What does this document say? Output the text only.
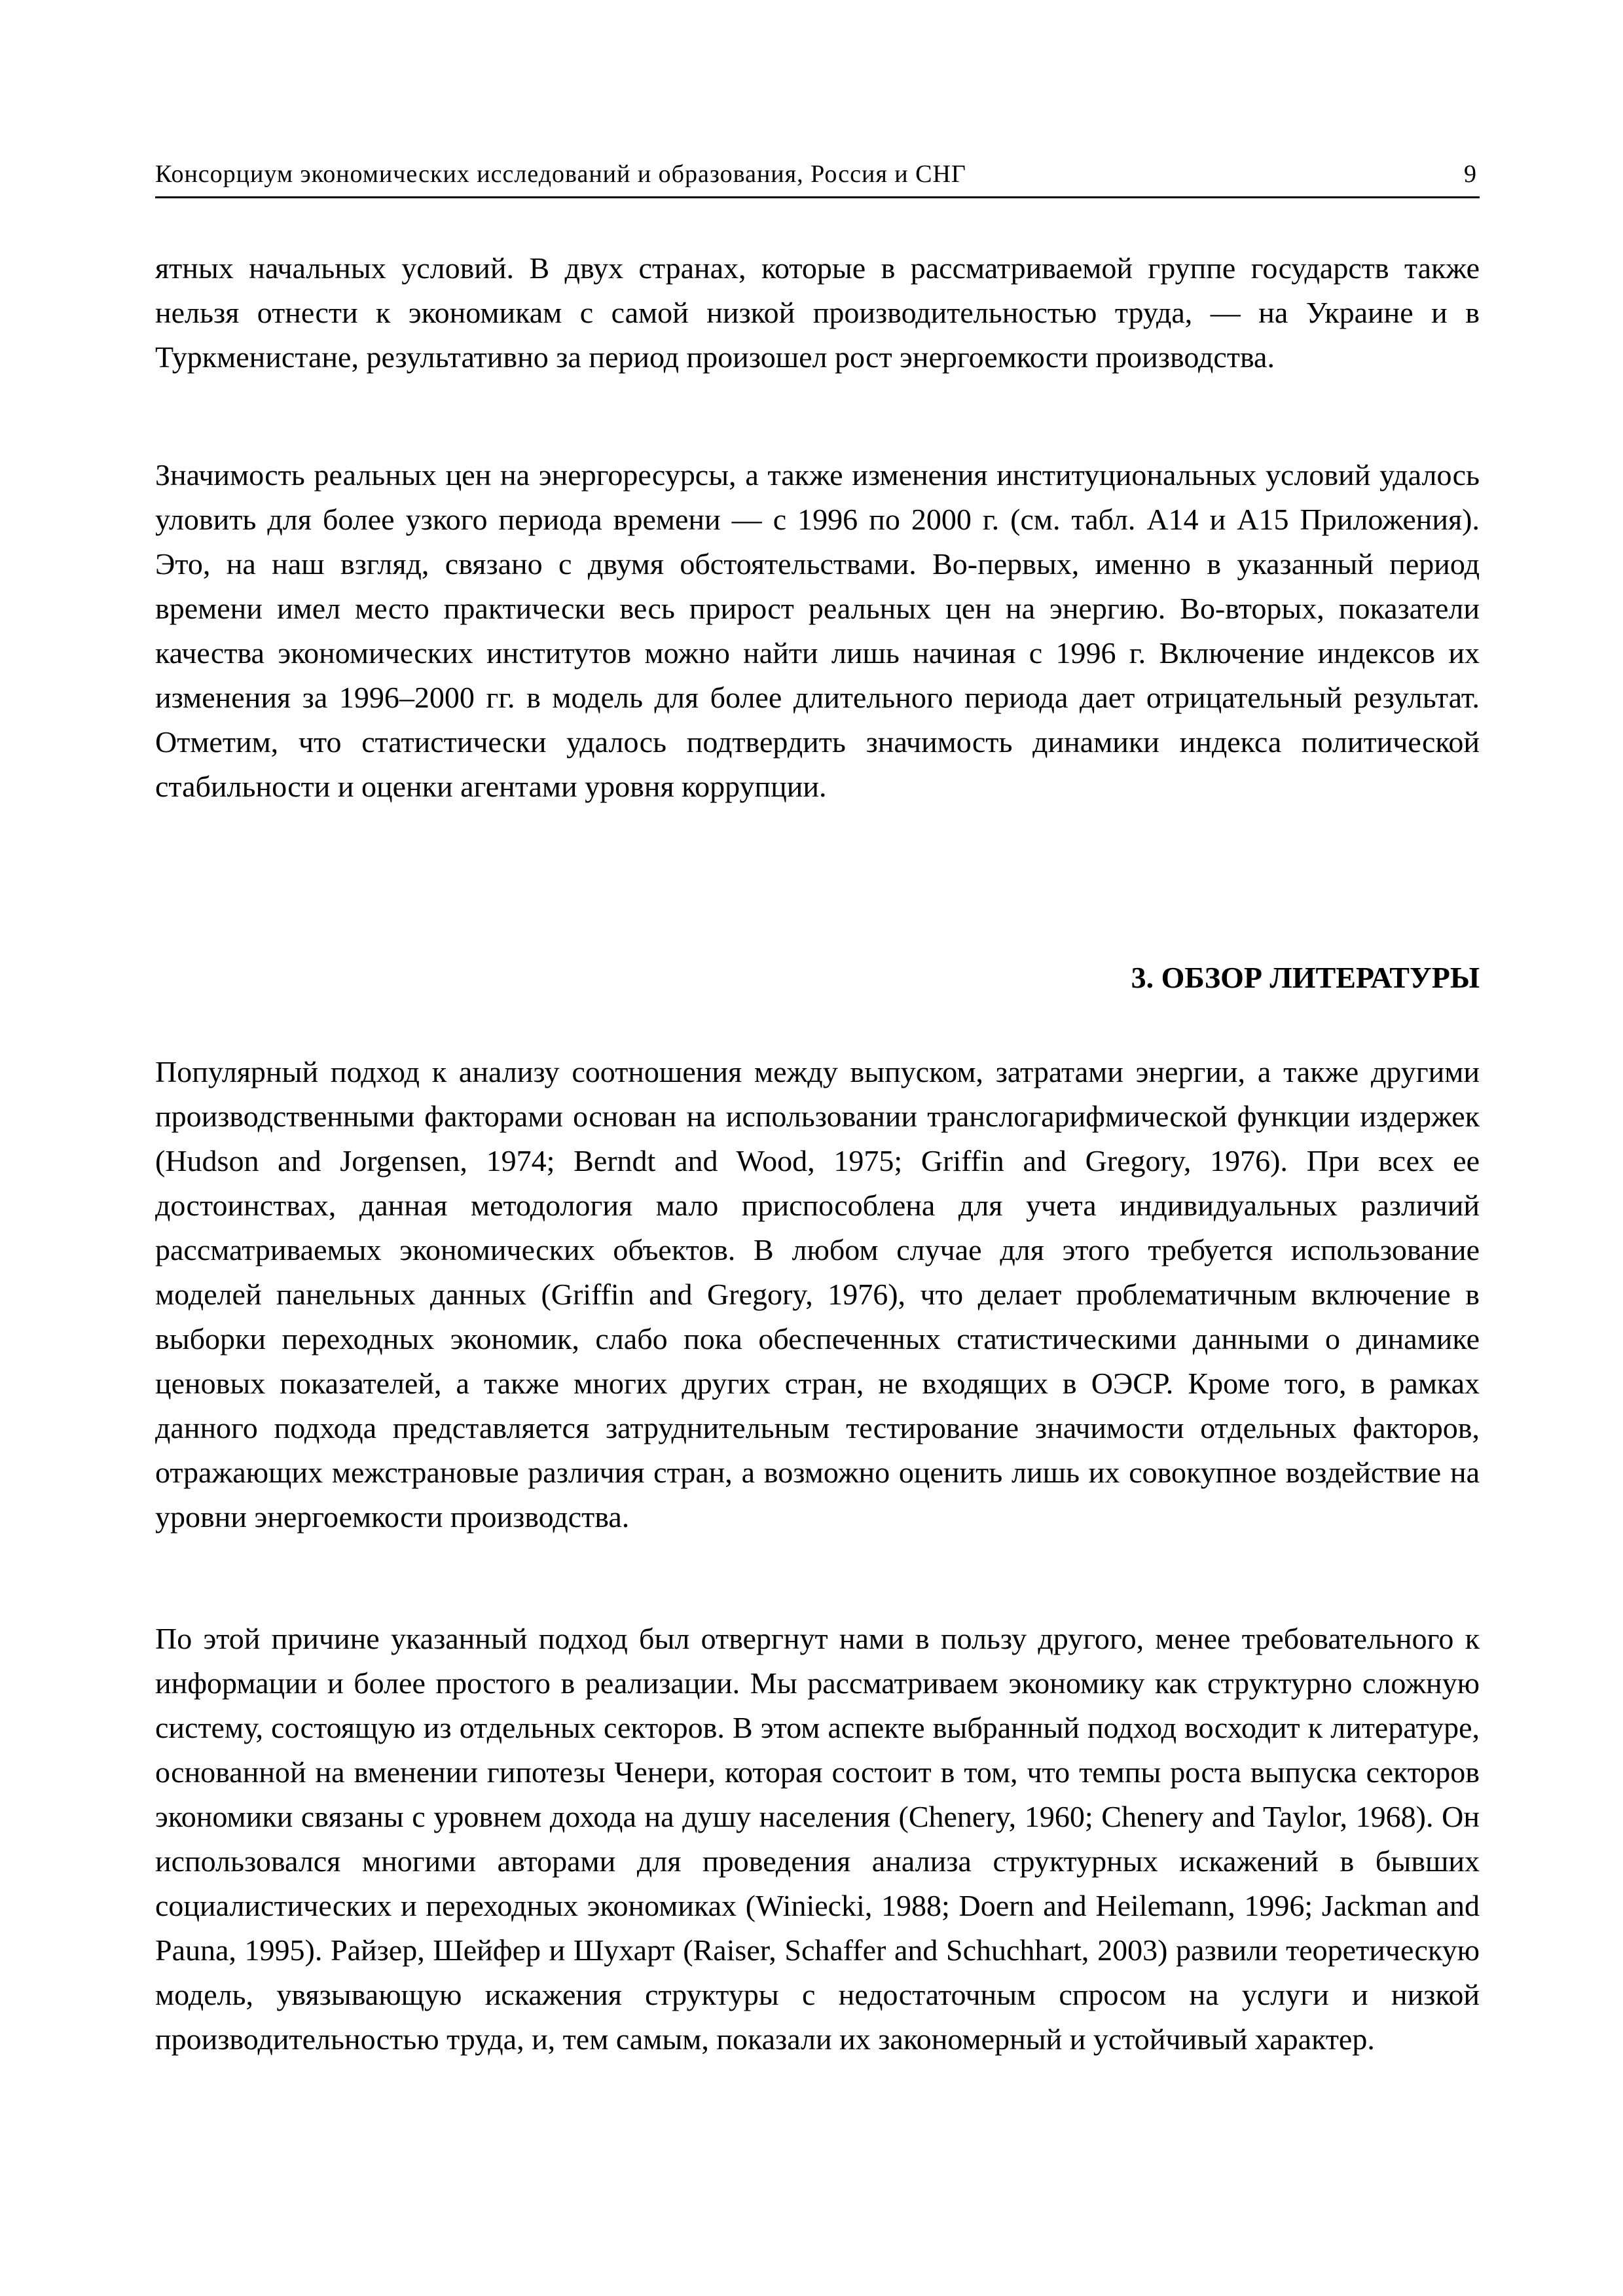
Консорциум экономических исследований и образования, Россия и СНГ	9

ятных начальных условий. В двух странах, которые в рассматриваемой группе государств также нельзя отнести к экономикам с самой низкой производительностью труда, — на Украине и в Туркменистане, результативно за период произошел рост энергоемкости производства.

Значимость реальных цен на энергоресурсы, а также изменения институциональных условий удалось уловить для более узкого периода времени — с 1996 по 2000 г. (см. табл. А14 и А15 Приложения). Это, на наш взгляд, связано с двумя обстоятельствами. Во-первых, именно в указанный период времени имел место практически весь прирост реальных цен на энергию. Во-вторых, показатели качества экономических институтов можно найти лишь начиная с 1996 г. Включение индексов их изменения за 1996–2000 гг. в модель для более длительного периода дает отрицательный результат. Отметим, что статистически удалось подтвердить значимость динамики индекса политической стабильности и оценки агентами уровня коррупции.

3. ОБЗОР ЛИТЕРАТУРЫ

Популярный подход к анализу соотношения между выпуском, затратами энергии, а также другими производственными факторами основан на использовании транслогарифмической функции издержек (Hudson and Jorgensen, 1974; Berndt and Wood, 1975; Griffin and Gregory, 1976). При всех ее достоинствах, данная методология мало приспособлена для учета индивидуальных различий рассматриваемых экономических объектов. В любом случае для этого требуется использование моделей панельных данных (Griffin and Gregory, 1976), что делает проблематичным включение в выборки переходных экономик, слабо пока обеспеченных статистическими данными о динамике ценовых показателей, а также многих других стран, не входящих в ОЭСР. Кроме того, в рамках данного подхода представляется затруднительным тестирование значимости отдельных факторов, отражающих межстрановые различия стран, а возможно оценить лишь их совокупное воздействие на уровни энергоемкости производства.

По этой причине указанный подход был отвергнут нами в пользу другого, менее требовательного к информации и более простого в реализации. Мы рассматриваем экономику как структурно сложную систему, состоящую из отдельных секторов. В этом аспекте выбранный подход восходит к литературе, основанной на вменении гипотезы Ченери, которая состоит в том, что темпы роста выпуска секторов экономики связаны с уровнем дохода на душу населения (Chenery, 1960; Chenery and Taylor, 1968). Он использовался многими авторами для проведения анализа структурных искажений в бывших социалистических и переходных экономиках (Winiecki, 1988; Doern and Heilemann, 1996; Jackman and Pauna, 1995). Райзер, Шейфер и Шухарт (Raiser, Schaffer and Schuchhart, 2003) развили теоретическую модель, увязывающую искажения структуры с недостаточным спросом на услуги и низкой производительностью труда, и, тем самым, показали их закономерный и устойчивый характер.
